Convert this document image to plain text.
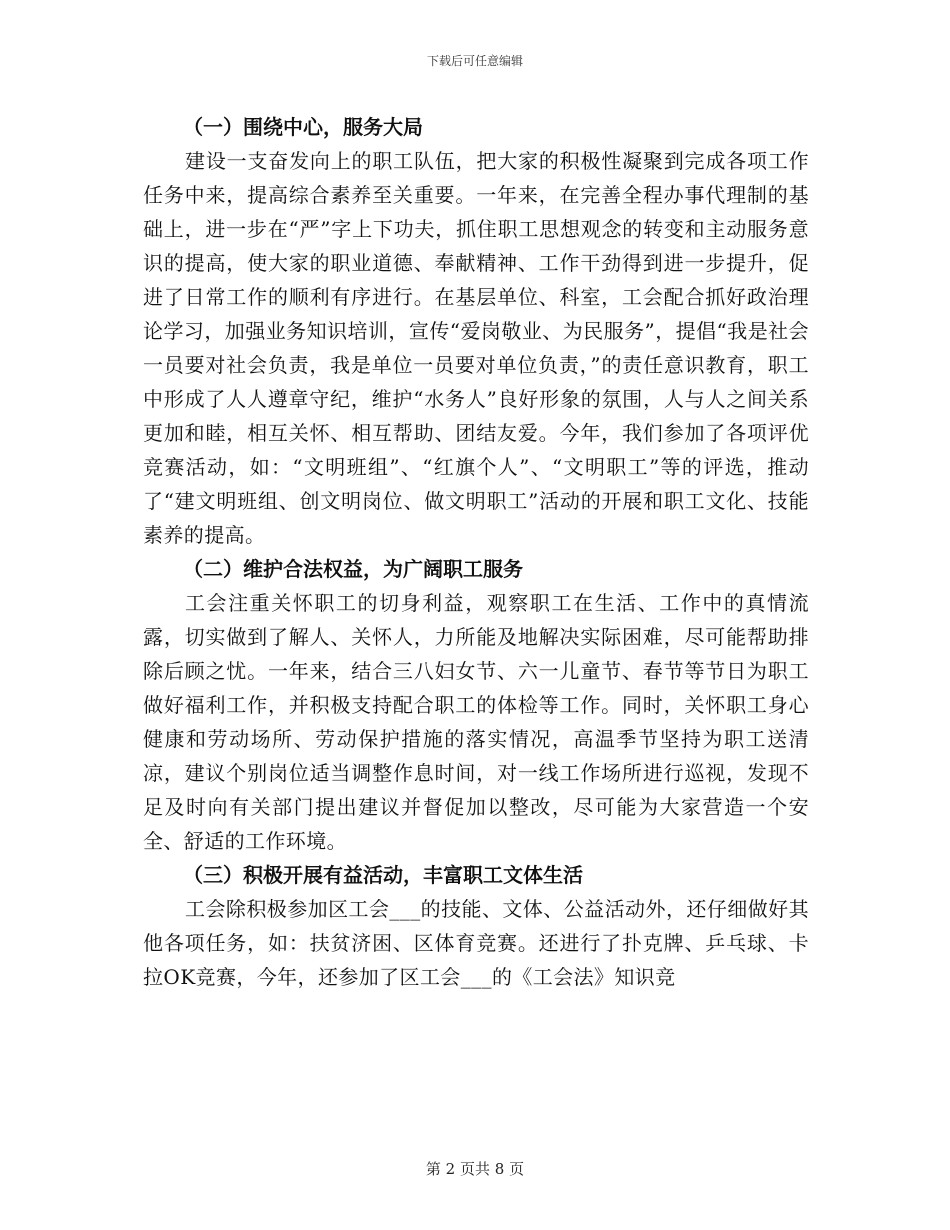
下载后可任意编辑

（一）围绕中心，服务大局

建设一支奋发向上的职工队伍，把大家的积极性凝聚到完成各项工作任务中来，提高综合素养至关重要。一年来，在完善全程办事代理制的基础上，进一步在“严”字上下功夫，抓住职工思想观念的转变和主动服务意识的提高，使大家的职业道德、奉献精神、工作干劲得到进一步提升，促进了日常工作的顺利有序进行。在基层单位、科室，工会配合抓好政治理论学习，加强业务知识培训，宣传“爱岗敬业、为民服务”，提倡“我是社会一员要对社会负责，我是单位一员要对单位负责，”的责任意识教育，职工中形成了人人遵章守纪，维护“水务人”良好形象的氛围，人与人之间关系更加和睦，相互关怀、相互帮助、团结友爱。今年，我们参加了各项评优竞赛活动，如：“文明班组”、“红旗个人”、“文明职工”等的评选，推动了“建文明班组、创文明岗位、做文明职工”活动的开展和职工文化、技能素养的提高。

（二）维护合法权益，为广阔职工服务

工会注重关怀职工的切身利益，观察职工在生活、工作中的真情流露，切实做到了解人、关怀人，力所能及地解决实际困难，尽可能帮助排除后顾之忧。一年来，结合三八妇女节、六一儿童节、春节等节日为职工做好福利工作，并积极支持配合职工的体检等工作。同时，关怀职工身心健康和劳动场所、劳动保护措施的落实情况，高温季节坚持为职工送清凉，建议个别岗位适当调整作息时间，对一线工作场所进行巡视，发现不足及时向有关部门提出建议并督促加以整改，尽可能为大家营造一个安全、舒适的工作环境。

（三）积极开展有益活动，丰富职工文体生活

工会除积极参加区工会___的技能、文体、公益活动外，还仔细做好其他各项任务，如：扶贫济困、区体育竞赛。还进行了扑克牌、乒乓球、卡拉OK竞赛，今年，还参加了区工会___的《工会法》知识竞

第 2 页共 8 页
